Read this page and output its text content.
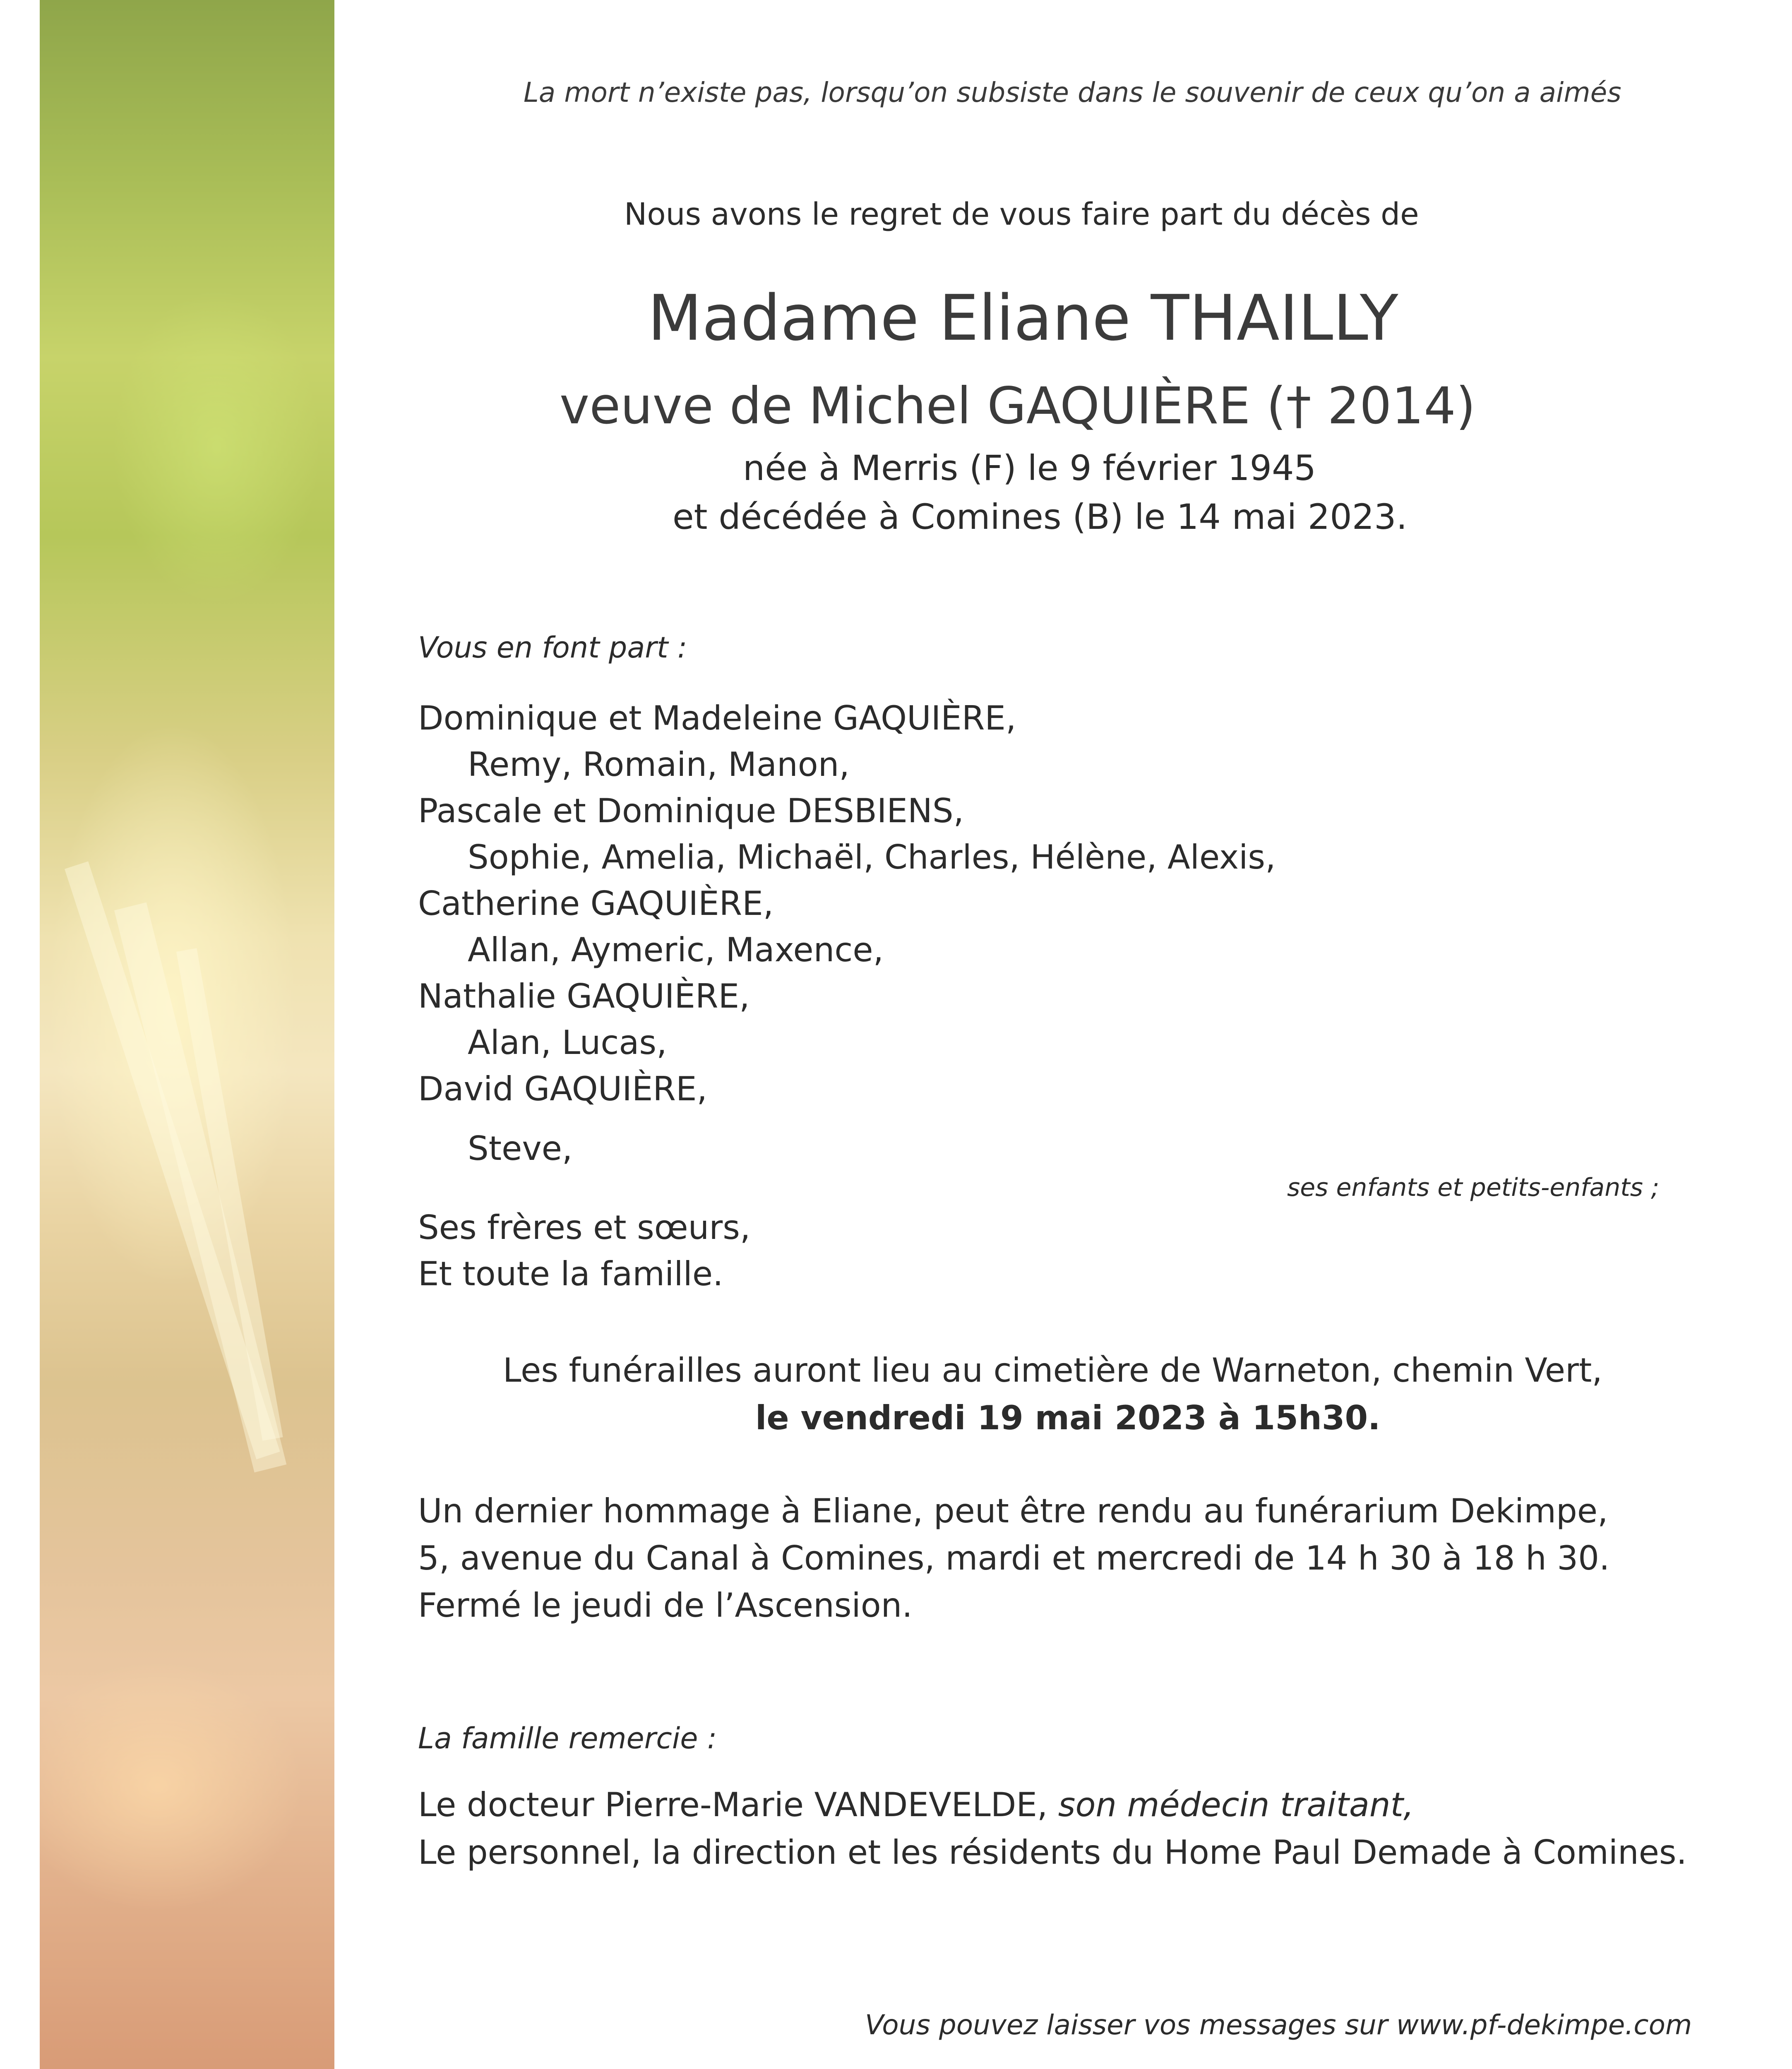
La mort n’existe pas, lorsqu’on subsiste dans le souvenir de ceux qu’on a aimés
Nous avons le regret de vous faire part du décès de
Madame Eliane THAILLY
veuve de Michel GAQUIÈRE († 2014)
née à Merris (F) le 9 février 1945
et décédée à Comines (B) le 14 mai 2023.
Vous en font part :
Dominique et Madeleine GAQUIÈRE,
Remy, Romain, Manon,
Pascale et Dominique DESBIENS,
Sophie, Amelia, Michaël, Charles, Hélène, Alexis,
Catherine GAQUIÈRE,
Allan, Aymeric, Maxence,
Nathalie GAQUIÈRE,
Alan, Lucas,
David GAQUIÈRE,
Steve,
ses enfants et petits-enfants ;
Ses frères et sœurs,
Et toute la famille.
Les funérailles auront lieu au cimetière de Warneton, chemin Vert,
le vendredi 19 mai 2023 à 15h30.
Un dernier hommage à Eliane, peut être rendu au funérarium Dekimpe,
5, avenue du Canal à Comines, mardi et mercredi de 14 h 30 à 18 h 30.
Fermé le jeudi de l’Ascension.
La famille remercie :
Le docteur Pierre-Marie VANDEVELDE, son médecin traitant,
Le personnel, la direction et les résidents du Home Paul Demade à Comines.
Vous pouvez laisser vos messages sur www.pf-dekimpe.com
